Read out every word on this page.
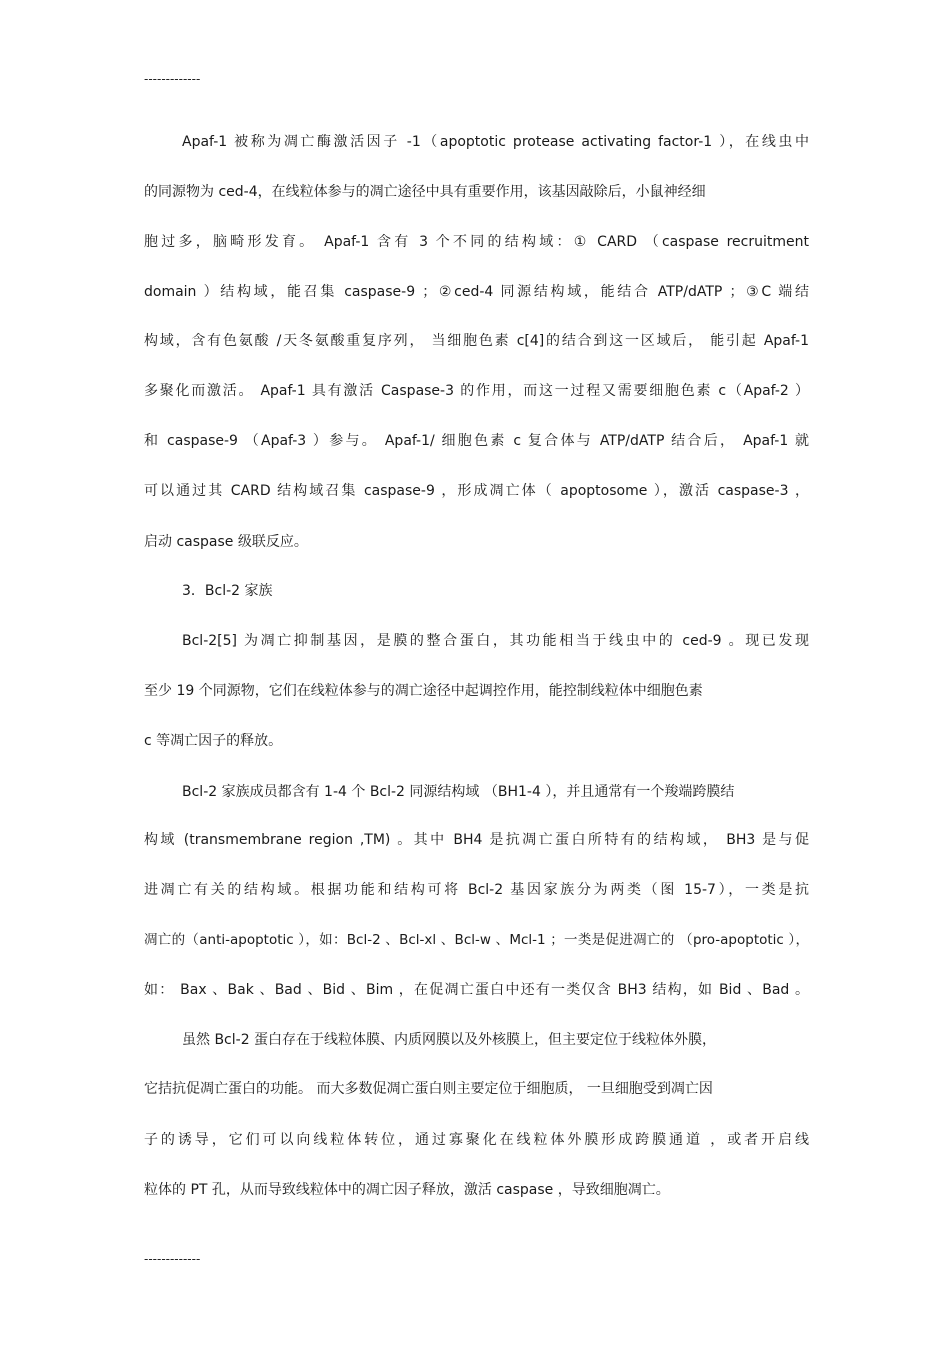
-------------
Apaf-1 被称为凋亡酶激活因子 -1（apoptotic protease activating factor-1 ），在线虫中
的同源物为 ced-4，在线粒体参与的凋亡途径中具有重要作用，该基因敲除后，小鼠神经细
胞过多，脑畸形发育。 Apaf-1 含有 3 个不同的结构域：① CARD （caspase recruitment
domain ）结构域，能召集 caspase-9 ；②ced-4 同源结构域，能结合 ATP/dATP ；③C 端结
构域，含有色氨酸 /天冬氨酸重复序列， 当细胞色素 c[4]的结合到这一区域后， 能引起 Apaf-1
多聚化而激活。 Apaf-1 具有激活 Caspase-3 的作用，而这一过程又需要细胞色素 c（Apaf-2 ）
和 caspase-9 （Apaf-3 ）参与。 Apaf-1/ 细胞色素 c 复合体与 ATP/dATP 结合后， Apaf-1 就
可以通过其 CARD 结构域召集 caspase-9 ，形成凋亡体（ apoptosome ），激活 caspase-3 ，
启动 caspase 级联反应。
3．Bcl-2 家族
Bcl-2[5] 为凋亡抑制基因，是膜的整合蛋白，其功能相当于线虫中的 ced-9 。现已发现
至少 19 个同源物，它们在线粒体参与的凋亡途径中起调控作用，能控制线粒体中细胞色素
c 等凋亡因子的释放。
Bcl-2 家族成员都含有 1-4 个 Bcl-2 同源结构域 （BH1-4 ），并且通常有一个羧端跨膜结
构域 (transmembrane region ,TM) 。其中 BH4 是抗凋亡蛋白所特有的结构域， BH3 是与促
进凋亡有关的结构域。根据功能和结构可将 Bcl-2 基因家族分为两类（图 15-7），一类是抗
凋亡的（anti-apoptotic ），如：Bcl-2 、Bcl-xl 、Bcl-w 、Mcl-1 ；一类是促进凋亡的 （pro-apoptotic ），
如： Bax 、Bak 、Bad 、Bid 、Bim ，在促凋亡蛋白中还有一类仅含 BH3 结构，如 Bid 、Bad 。
虽然 Bcl-2 蛋白存在于线粒体膜、内质网膜以及外核膜上，但主要定位于线粒体外膜，
它拮抗促凋亡蛋白的功能。 而大多数促凋亡蛋白则主要定位于细胞质， 一旦细胞受到凋亡因
子的诱导，它们可以向线粒体转位，通过寡聚化在线粒体外膜形成跨膜通道 ，或者开启线
粒体的 PT 孔，从而导致线粒体中的凋亡因子释放，激活 caspase ，导致细胞凋亡。
-------------
